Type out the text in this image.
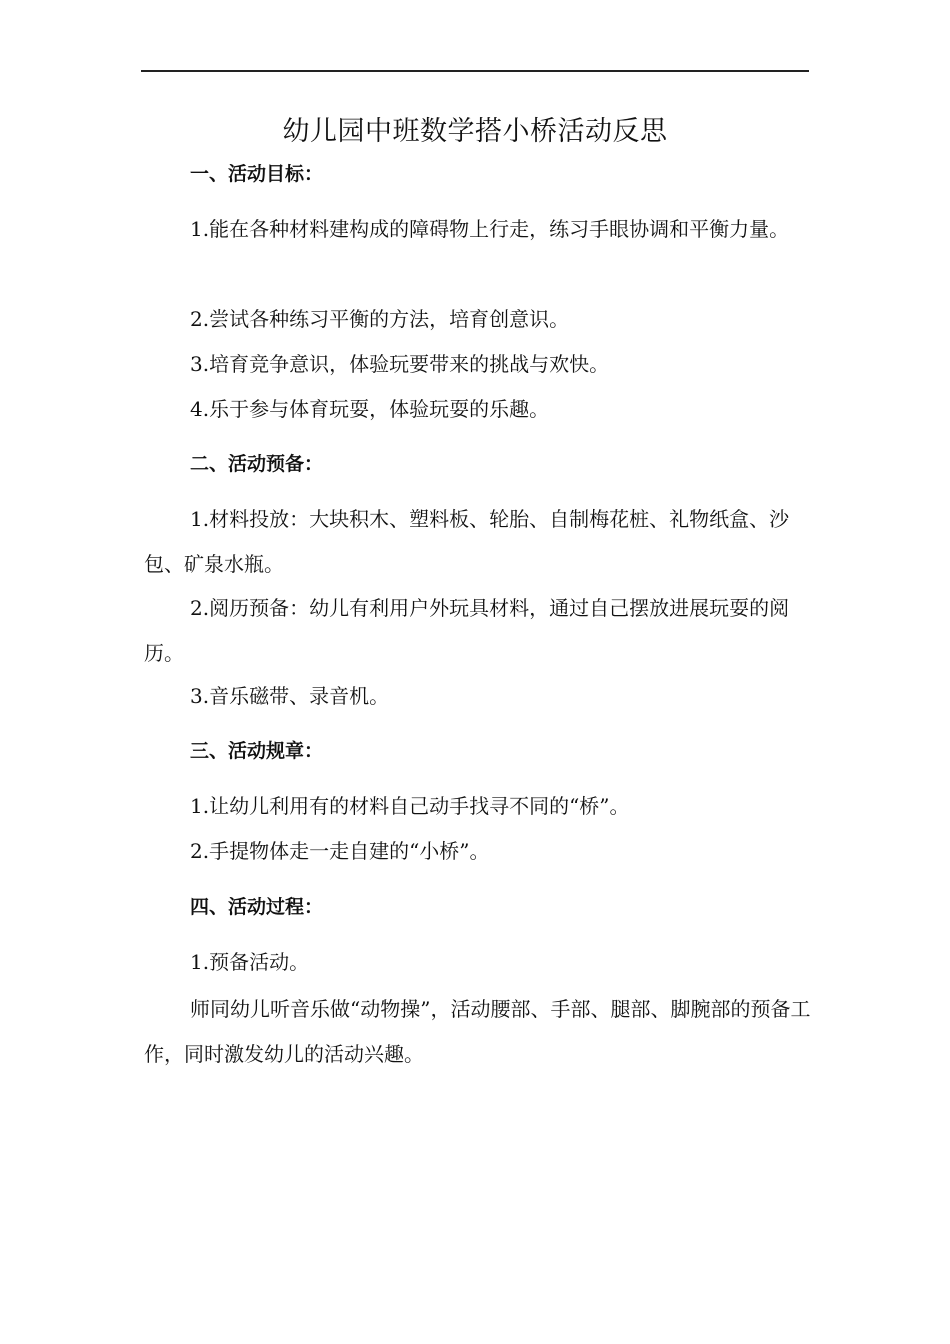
幼儿园中班数学搭小桥活动反思

一、活动目标：

1.能在各种材料建构成的障碍物上行走，练习手眼协调和平衡力量。

2.尝试各种练习平衡的方法，培育创意识。

3.培育竞争意识，体验玩要带来的挑战与欢快。

4.乐于参与体育玩耍，体验玩耍的乐趣。

二、活动预备：

1.材料投放：大块积木、塑料板、轮胎、自制梅花桩、礼物纸盒、沙包、矿泉水瓶。

2.阅历预备：幼儿有利用户外玩具材料，通过自己摆放进展玩耍的阅历。

3.音乐磁带、录音机。

三、活动规章：

1.让幼儿利用有的材料自己动手找寻不同的“桥”。

2.手提物体走一走自建的“小桥”。

四、活动过程：

1.预备活动。

师同幼儿听音乐做“动物操”，活动腰部、手部、腿部、脚腕部的预备工作，同时激发幼儿的活动兴趣。
